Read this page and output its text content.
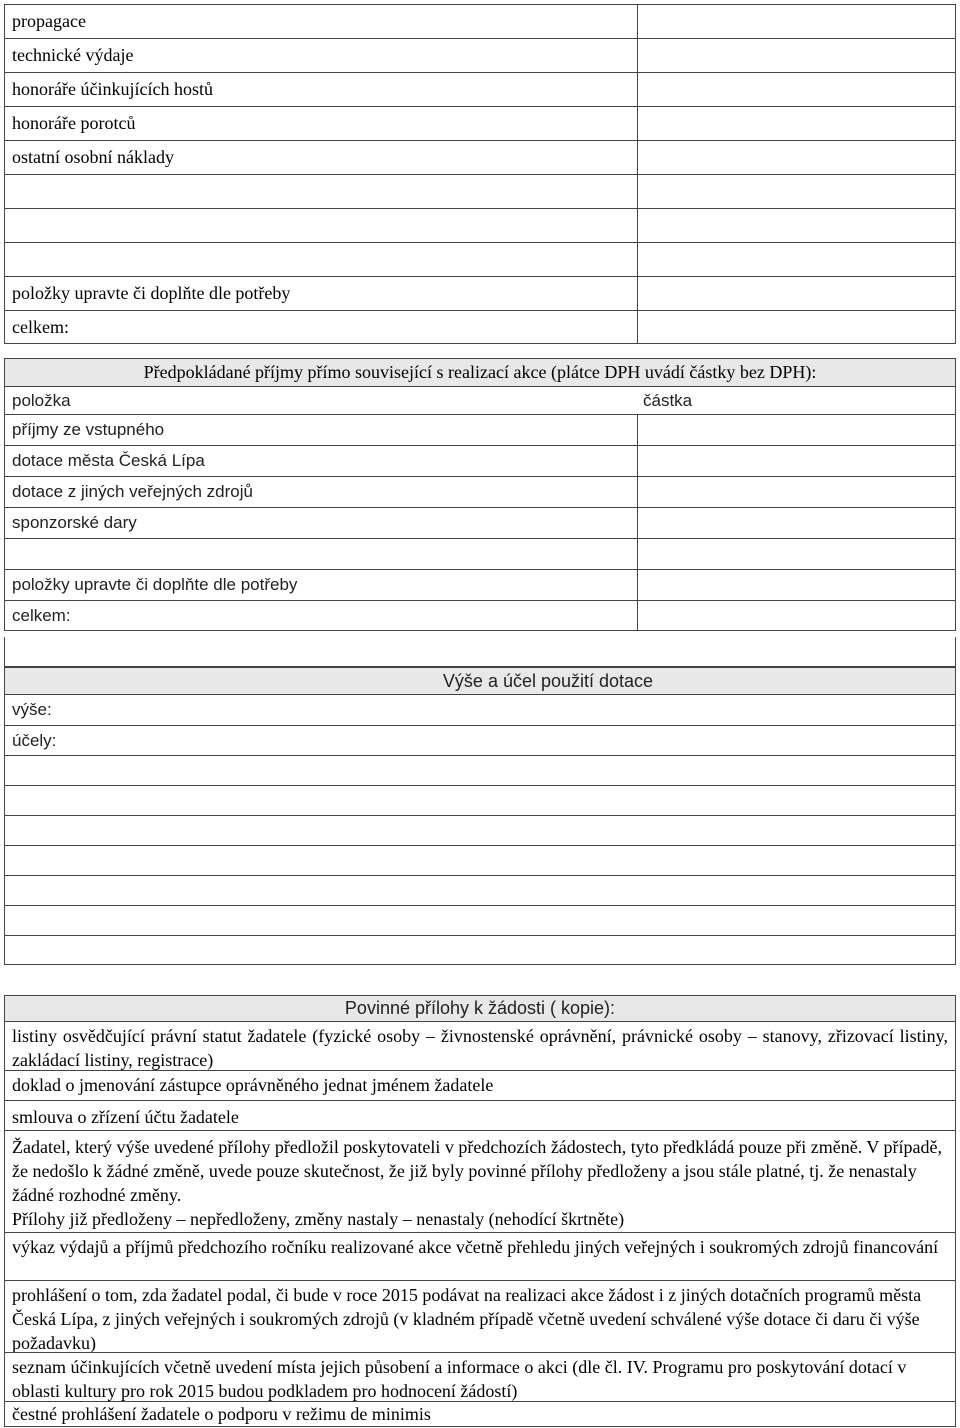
propagace
technické výdaje
honoráře účinkujících hostů
honoráře porotců
ostatní osobní náklady
položky upravte či doplňte dle potřeby
celkem:
Předpokládané příjmy přímo související s realizací akce (plátce DPH uvádí částky bez DPH):
položka	částka
příjmy ze vstupného
dotace města Česká Lípa
dotace z jiných veřejných zdrojů
sponzorské dary
položky upravte či doplňte dle potřeby
celkem:
Výše a účel použití dotace
výše:
účely:
Povinné přílohy k žádosti ( kopie):
listiny osvědčující právní statut žadatele (fyzické osoby – živnostenské oprávnění, právnické osoby – stanovy, zřizovací listiny, zakládací listiny, registrace)
doklad o jmenování zástupce oprávněného jednat jménem žadatele
smlouva o zřízení účtu žadatele
Žadatel, který výše uvedené přílohy předložil poskytovateli v předchozích žádostech, tyto předkládá pouze při změně. V případě, že nedošlo k žádné změně, uvede pouze skutečnost, že již byly povinné přílohy předloženy a jsou stále platné, tj. že nenastaly žádné rozhodné změny.
Přílohy již předloženy – nepředloženy, změny nastaly – nenastaly (nehodící škrtněte)
výkaz výdajů a příjmů předchozího ročníku realizované akce včetně přehledu jiných veřejných i soukromých zdrojů financování
prohlášení o tom, zda žadatel podal, či bude v roce 2015 podávat na realizaci akce žádost i z jiných dotačních programů města Česká Lípa, z jiných veřejných i soukromých zdrojů (v kladném případě včetně uvedení schválené výše dotace či daru či výše požadavku)
seznam účinkujících včetně uvedení místa jejich působení a informace o akci (dle čl. IV. Programu pro poskytování dotací v oblasti kultury pro rok 2015 budou podkladem pro hodnocení žádostí)
čestné prohlášení žadatele o podporu v režimu de minimis
